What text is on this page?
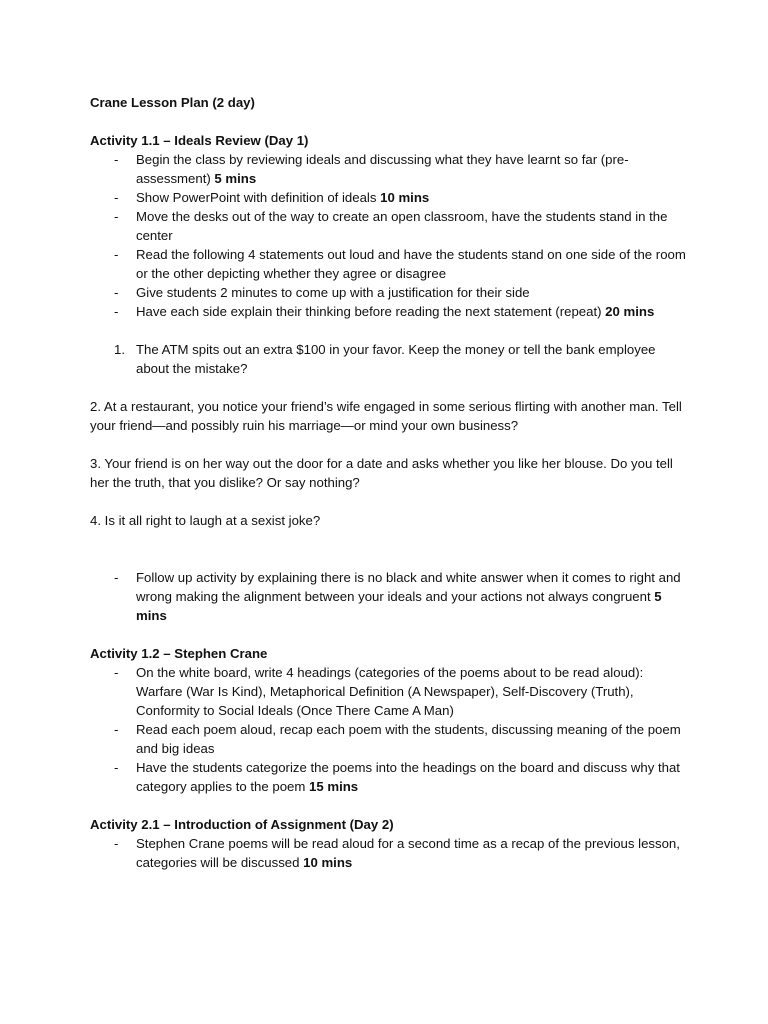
Crane Lesson Plan (2 day)

Activity 1.1 – Ideals Review (Day 1)

- Begin the class by reviewing ideals and discussing what they have learnt so far (pre-assessment) 5 mins
- Show PowerPoint with definition of ideals 10 mins
- Move the desks out of the way to create an open classroom, have the students stand in the center
- Read the following 4 statements out loud and have the students stand on one side of the room or the other depicting whether they agree or disagree
- Give students 2 minutes to come up with a justification for their side
- Have each side explain their thinking before reading the next statement (repeat) 20 mins
1. The ATM spits out an extra $100 in your favor. Keep the money or tell the bank employee about the mistake?

2. At a restaurant, you notice your friend’s wife engaged in some serious flirting with another man. Tell your friend—and possibly ruin his marriage—or mind your own business?

3. Your friend is on her way out the door for a date and asks whether you like her blouse. Do you tell her the truth, that you dislike? Or say nothing?

4. Is it all right to laugh at a sexist joke?

- Follow up activity by explaining there is no black and white answer when it comes to right and wrong making the alignment between your ideals and your actions not always congruent 5 mins

Activity 1.2 – Stephen Crane

- On the white board, write 4 headings (categories of the poems about to be read aloud): Warfare (War Is Kind), Metaphorical Definition (A Newspaper), Self-Discovery (Truth), Conformity to Social Ideals (Once There Came A Man)
- Read each poem aloud, recap each poem with the students, discussing meaning of the poem and big ideas
- Have the students categorize the poems into the headings on the board and discuss why that category applies to the poem 15 mins

Activity 2.1 – Introduction of Assignment (Day 2)

- Stephen Crane poems will be read aloud for a second time as a recap of the previous lesson, categories will be discussed 10 mins
